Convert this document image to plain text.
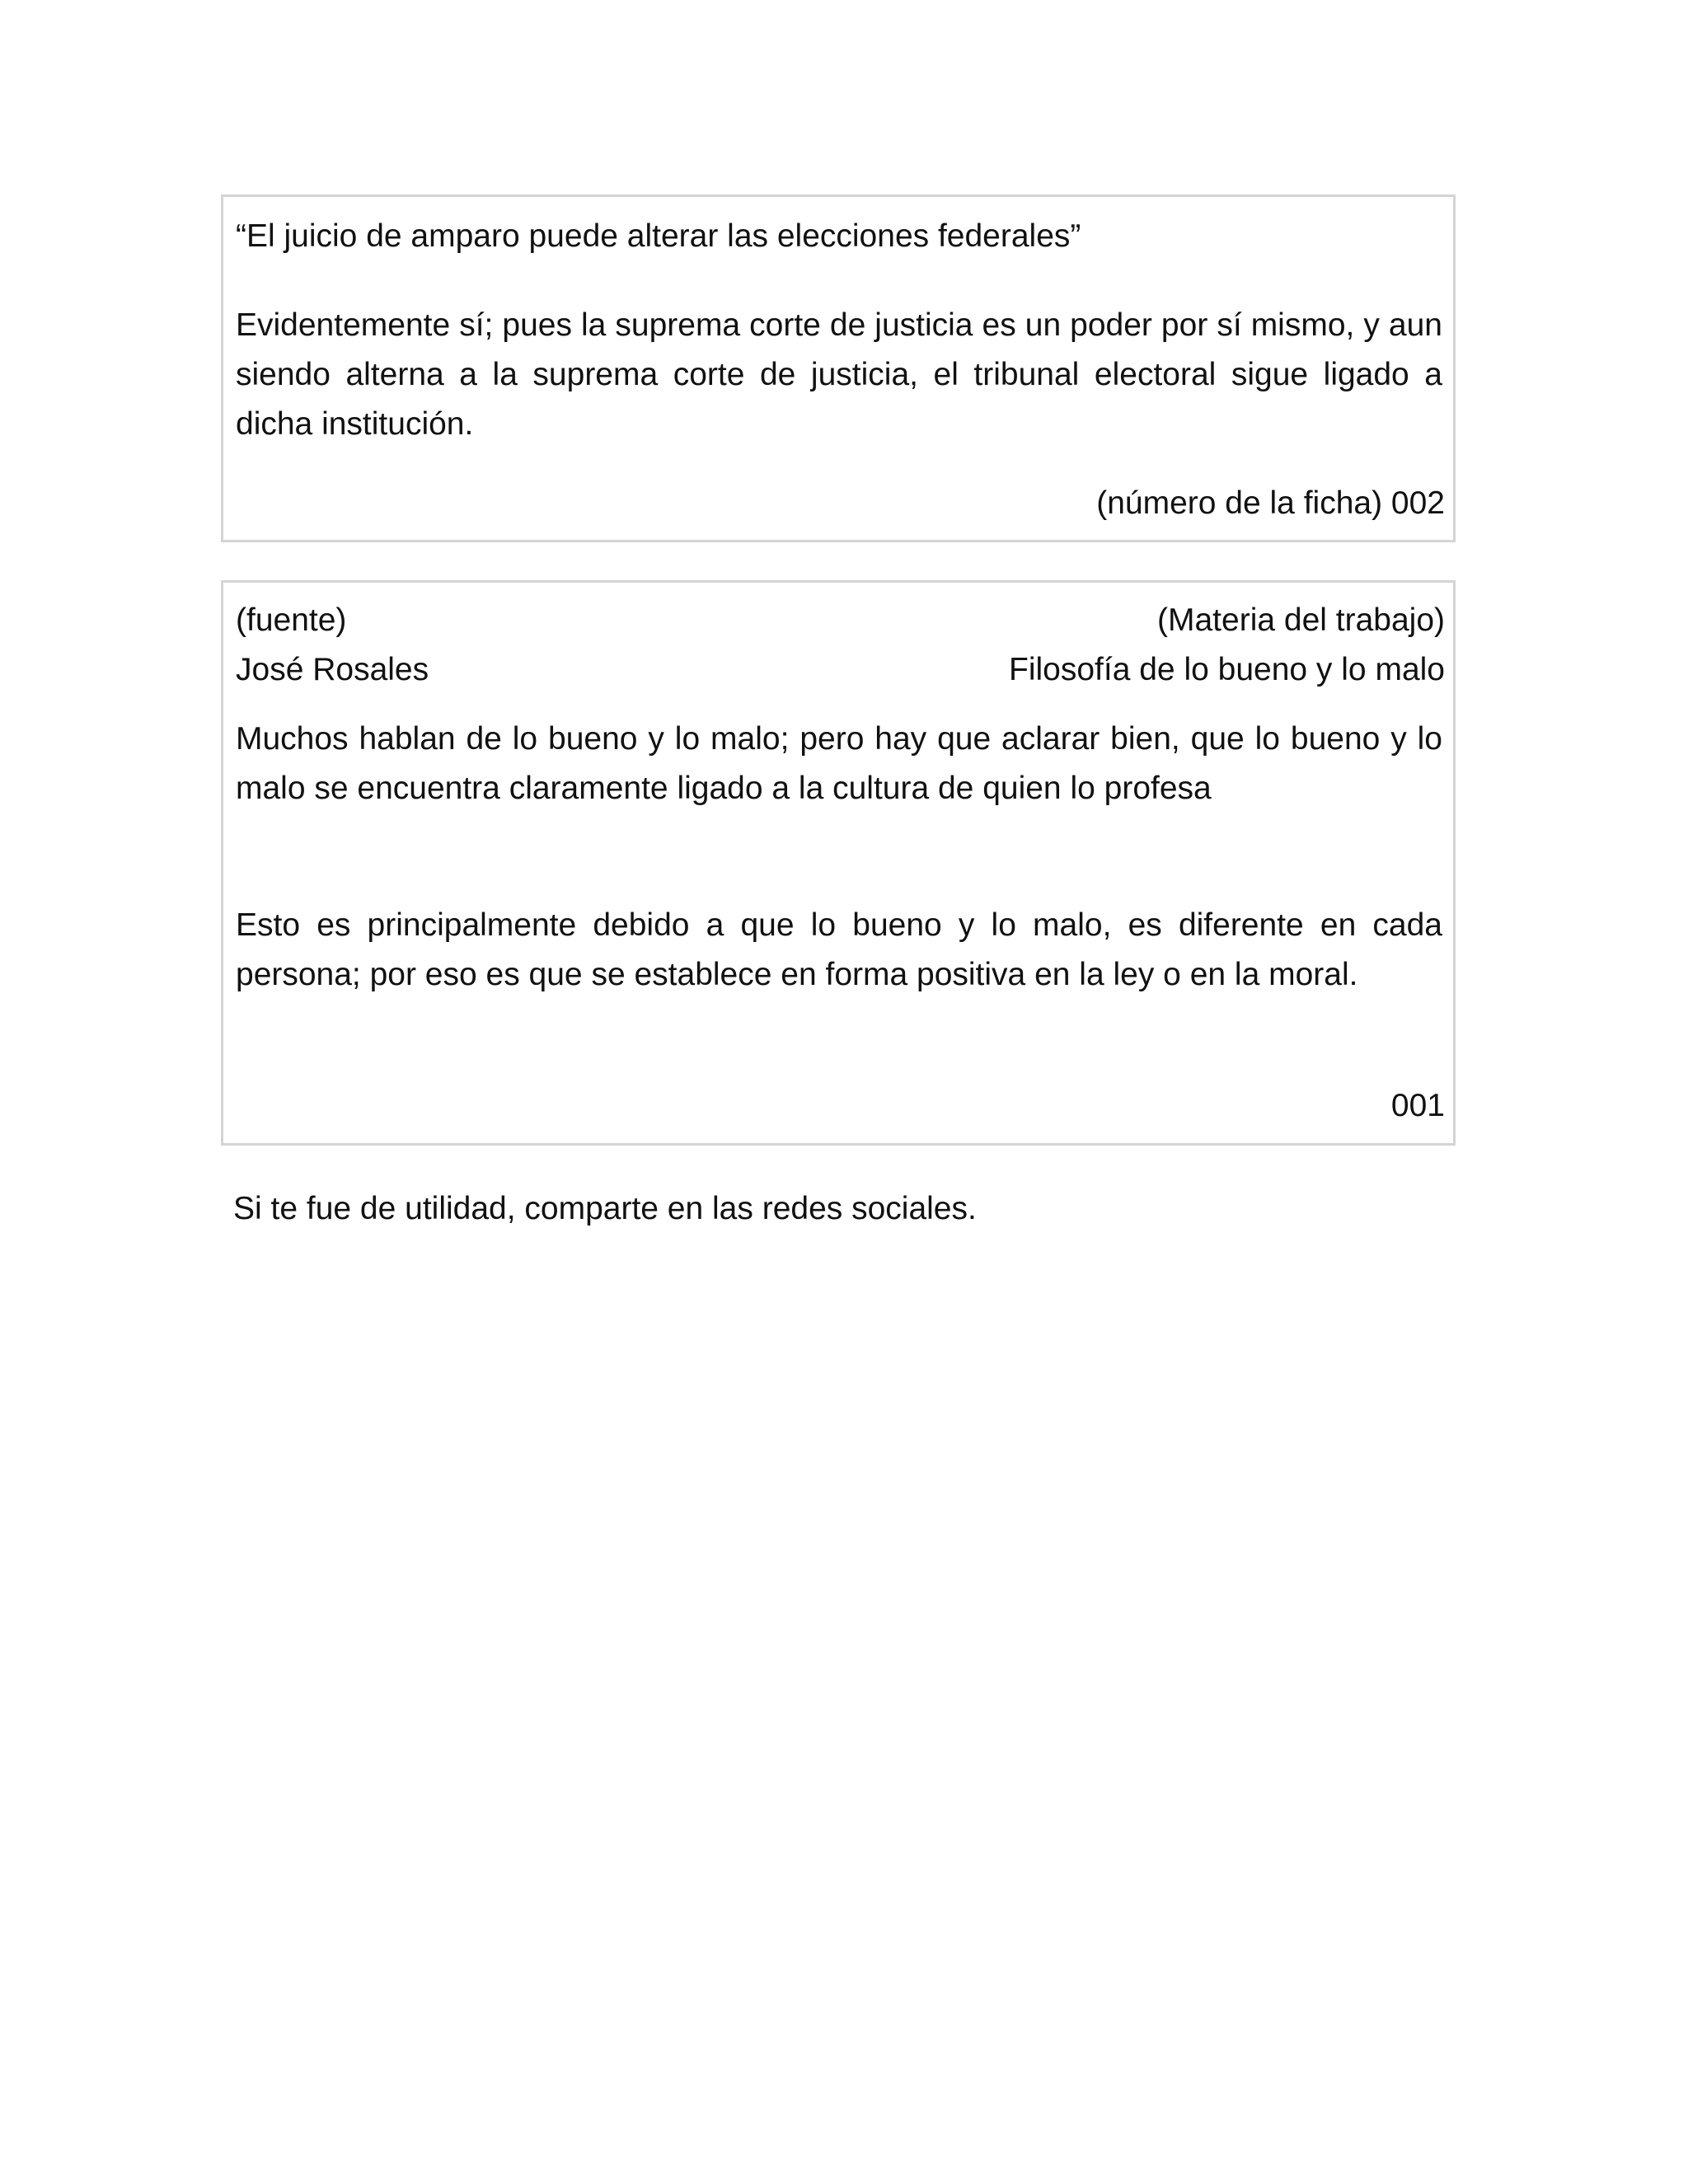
“El juicio de amparo puede alterar las elecciones federales”
Evidentemente sí; pues la suprema corte de justicia es un poder por sí mismo, y aun siendo alterna a la suprema corte de justicia, el tribunal electoral sigue ligado a dicha institución.
(número de la ficha) 002
(fuente)	(Materia del trabajo)
José Rosales	Filosofía de lo bueno y lo malo
Muchos hablan de lo bueno y lo malo; pero hay que aclarar bien, que lo bueno y lo malo se encuentra claramente ligado a la cultura de quien lo profesa
Esto es principalmente debido a que lo bueno y lo malo, es diferente en cada persona; por eso es que se establece en forma positiva en la ley o en la moral.
001
Si te fue de utilidad, comparte en las redes sociales.
